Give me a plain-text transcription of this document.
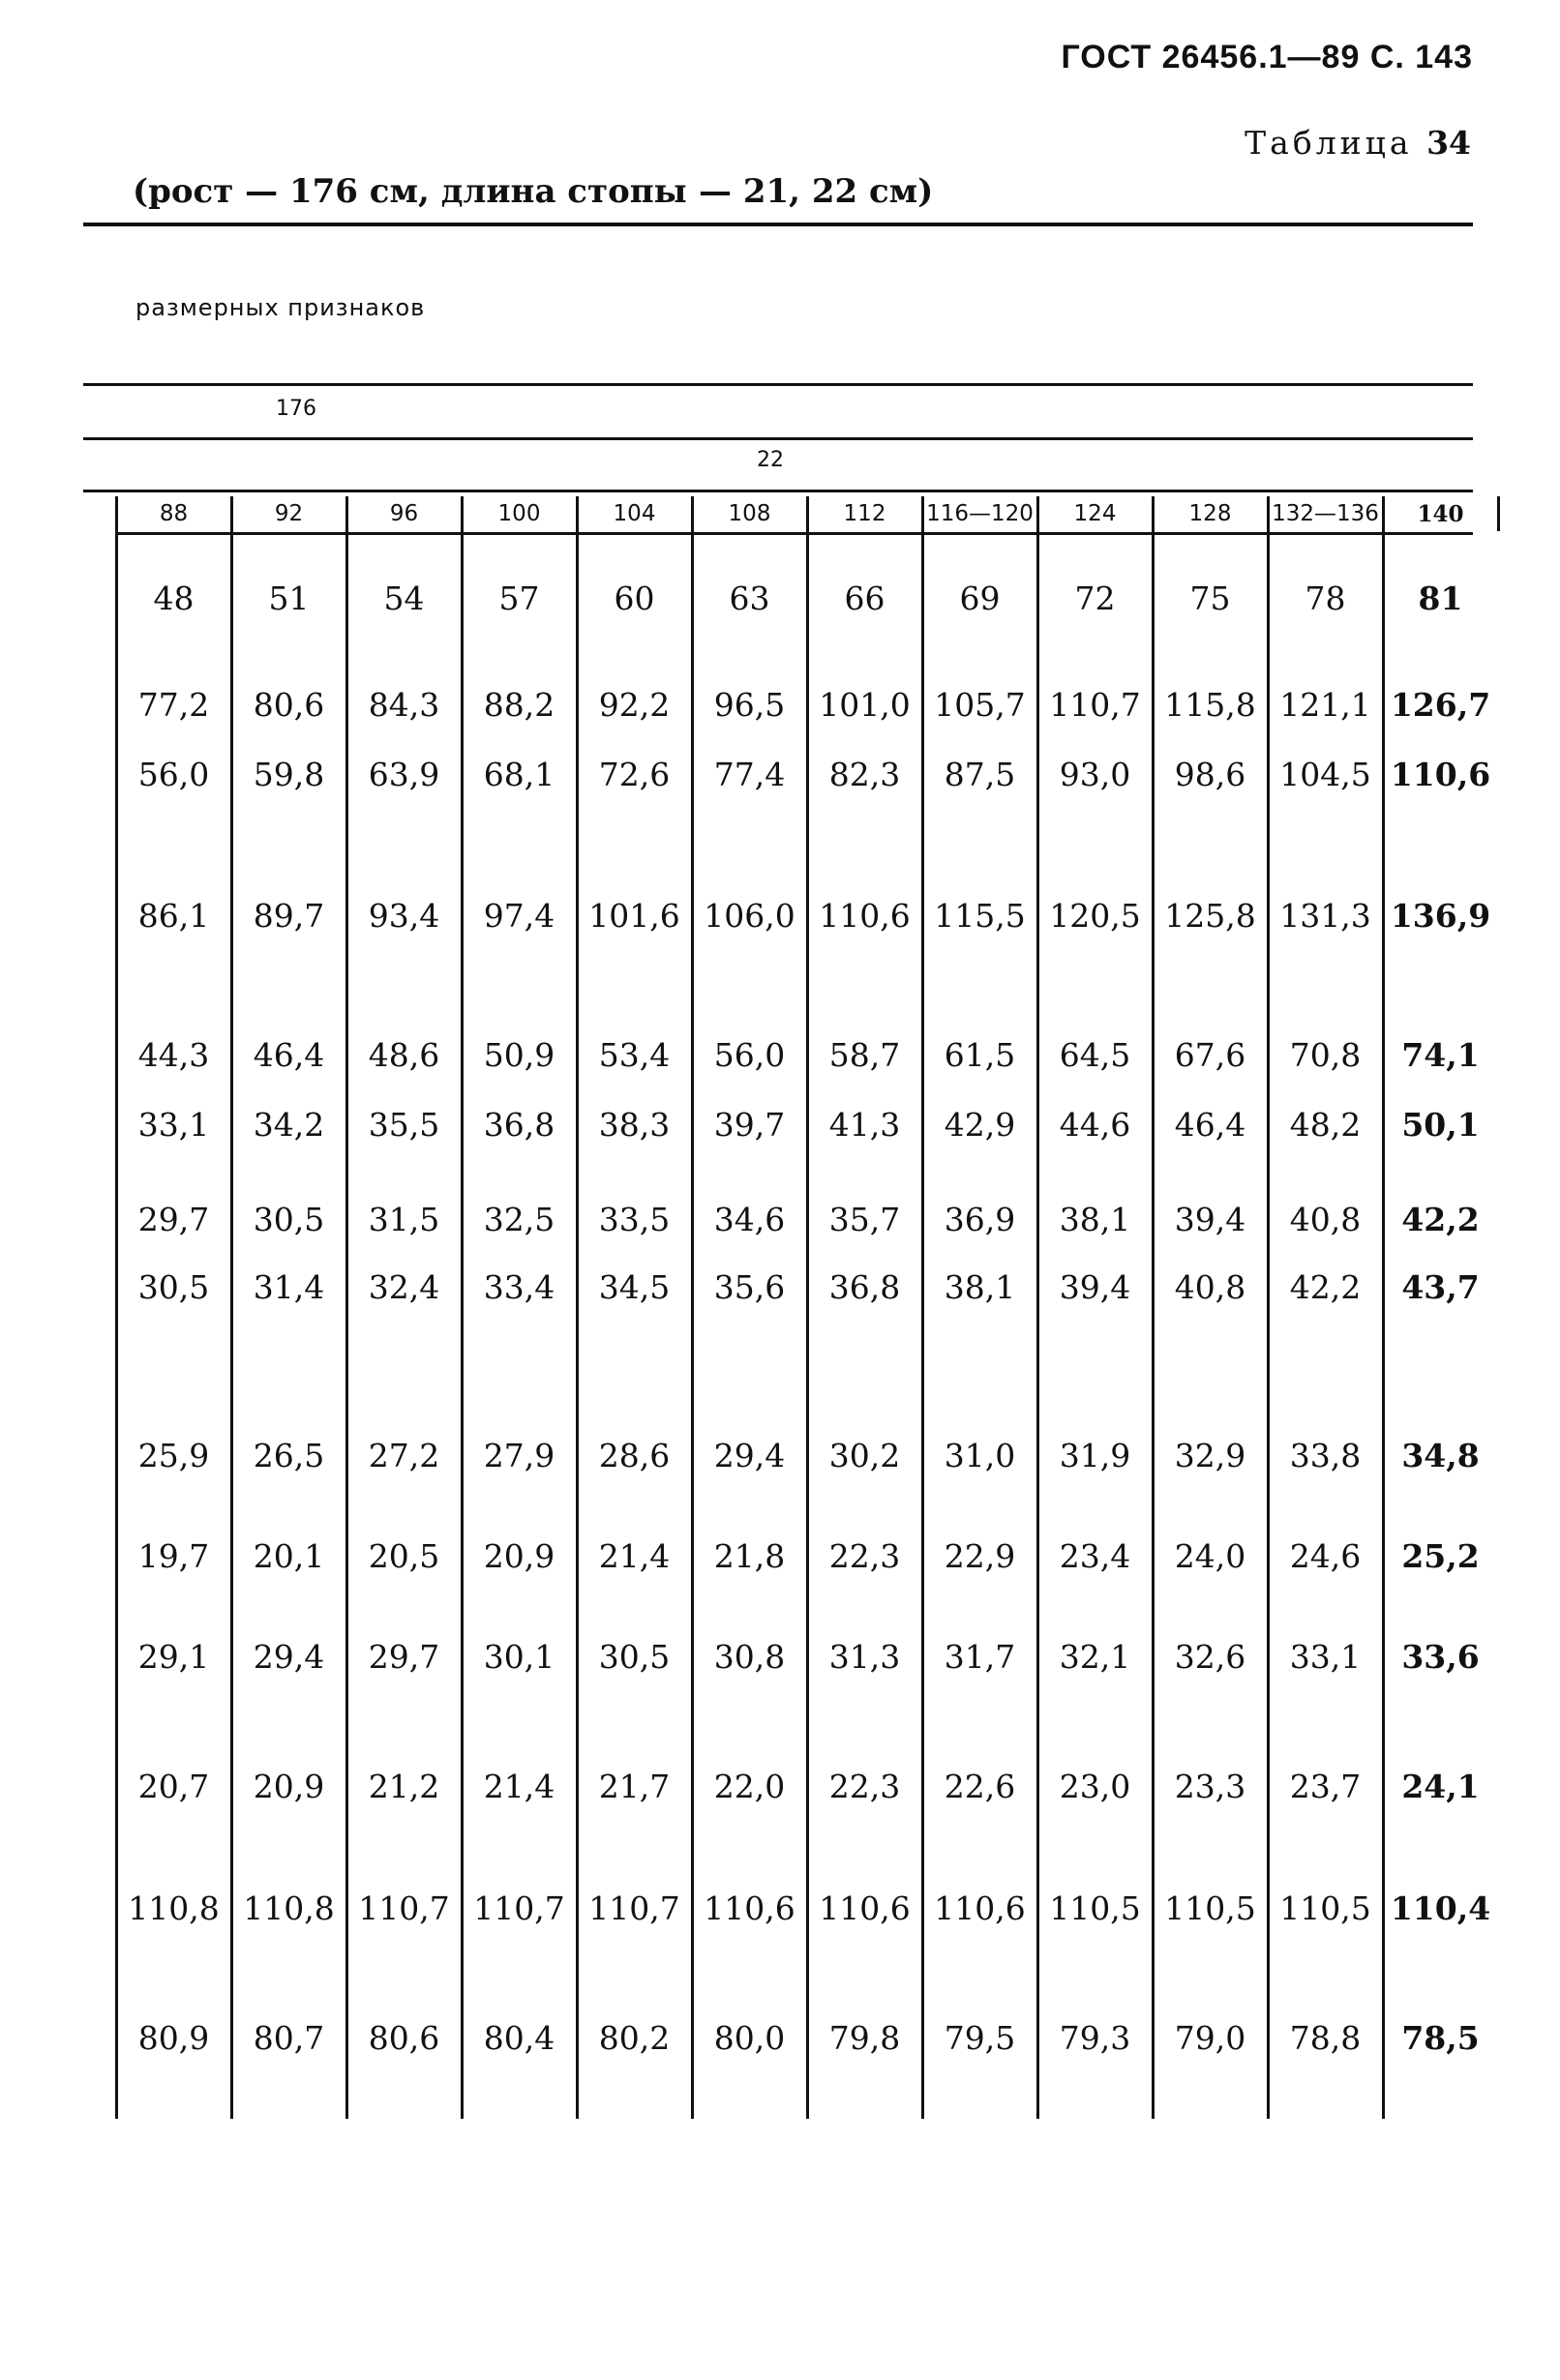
ГОСТ 26456.1—89 С. 143
Таблица 34
(рост — 176 см, длина стопы — 21, 22 см)
размерных признаков
176
22
88	92	96	100	104	108	112	116—120	124	128	132—136	140
48	51	54	57	60	63	66	69	72	75	78	81
77,2	80,6	84,3	88,2	92,2	96,5	101,0 105,7 110,7 115,8 121,1 126,7
56,0	59,8	63,9	68,1	72,6	77,4	82,3	87,5	93,0	98,6	104,5 110,6
86,1	89,7	93,4	97,4	101,6 106,0 110,6 115,5 120,5 125,8 131,3 136,9
44,3	46,4	48,6	50,9	53,4	56,0	58,7	61,5	64,5	67,6	70,8	74,1
33,1	34,2	35,5	36,8	38,3	39,7	41,3	42,9	44,6	46,4	48,2	50,1
29,7	30,5	31,5	32,5	33,5	34,6	35,7	36,9	38,1	39,4	40,8	42,2
30,5	31,4	32,4	33,4	34,5	35,6	36,8	38,1	39,4	40,8	42,2	43,7
25,9	26,5	27,2	27,9	28,6	29,4	30,2	31,0	31,9	32,9	33,8	34,8
19,7	20,1	20,5	20,9	21,4	21,8	22,3	22,9	23,4	24,0	24,6	25,2
29,1	29,4	29,7	30,1	30,5	30,8	31,3	31,7	32,1	32,6	33,1	33,6
20,7	20,9	21,2	21,4	21,7	22,0	22,3	22,6	23,0	23,3	23,7	24,1
110,8 110,8 110,7 110,7 110,7 110,6 110,6 110,6 110,5 110,5 110,5 110,4
80,9	80,7	80,6	80,4	80,2	80,0	79,8	79,5	79,3	79,0	78,8	78,5
